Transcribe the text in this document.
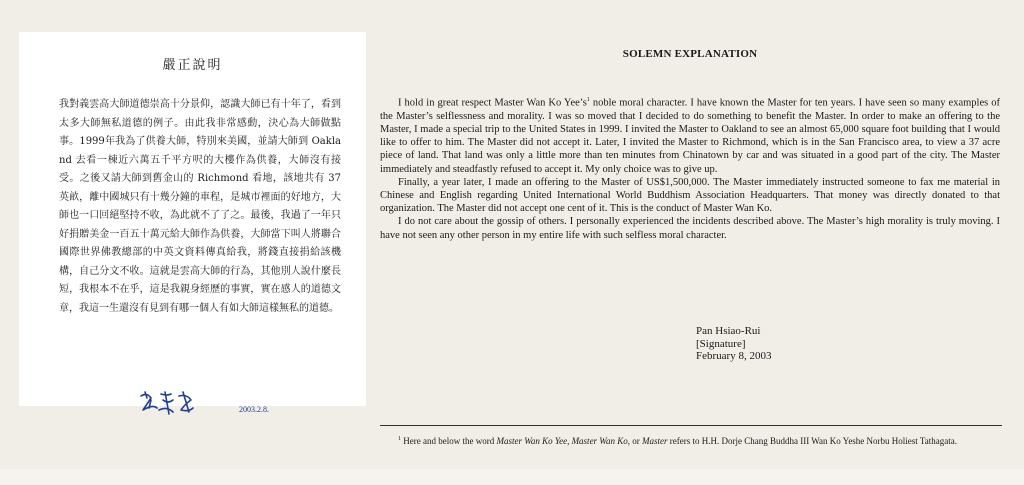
嚴正說明
我對義雲高大師道德崇高十分景仰，認識大師已有十年了，看到太多大師無私道德的例子。由此我非常感動，決心為大師做點事。1999年我為了供養大師，特別來美國，並請大師到 Oakland 去看一棟近六萬五千平方呎的大樓作為供養，大師沒有接受。之後又請大師到舊金山的 Richmond 看地，該地共有 37 英畝，離中國城只有十幾分鐘的車程，是城市裡面的好地方，大師也一口回絕堅持不收，為此就不了了之。最後，我過了一年只好捐贈美金一百五十萬元給大師作為供養，大師當下叫人將聯合國際世界佛教總部的中英文資料傳真給我，將錢直接捐給該機構，自己分文不收。這就是雲高大師的行為，其他別人說什麼長短，我根本不在乎，這是我親身經歷的事實，實在感人的道德文章，我這一生還沒有見到有哪一個人有如大師這樣無私的道德。
2003.2.8.
SOLEMN EXPLANATION

I hold in great respect Master Wan Ko $Yee’s^1$ noble moral character. I have known the Master for ten years. I have seen so many examples of the Master’s selflessness and morality. I was so moved that I decided to do something to benefit the Master. In order to make an offering to the Master, I made a special trip to the United States in 1999. I invited the Master to Oakland to see an almost 65,000 square foot building that I would like to offer to him. The Master did not accept it. Later, I invited the Master to Richmond, which is in the San Francisco area, to view a 37 acre piece of land. That land was only a little more than ten minutes from Chinatown by car and was situated in a good part of the city. The Master immediately and steadfastly refused to accept it. My only choice was to give up.

Finally, a year later, I made an offering to the Master of US$1,500,000. The Master immediately instructed someone to fax me material in Chinese and English regarding United International World Buddhism Association Headquarters. That money was directly donated to that organization. The Master did not accept one cent of it. This is the conduct of Master Wan Ko.

I do not care about the gossip of others. I personally experienced the incidents described above. The Master’s high morality is truly moving. I have not seen any other person in my entire life with such selfless moral character.

Pan Hsiao-Rui
[Signature]
February 8, 2003
$^1$ Here and below the word Master Wan Ko Yee, Master Wan Ko, or Master refers to H.H. Dorje Chang Buddha III Wan Ko Yeshe Norbu Holiest Tathagata.
